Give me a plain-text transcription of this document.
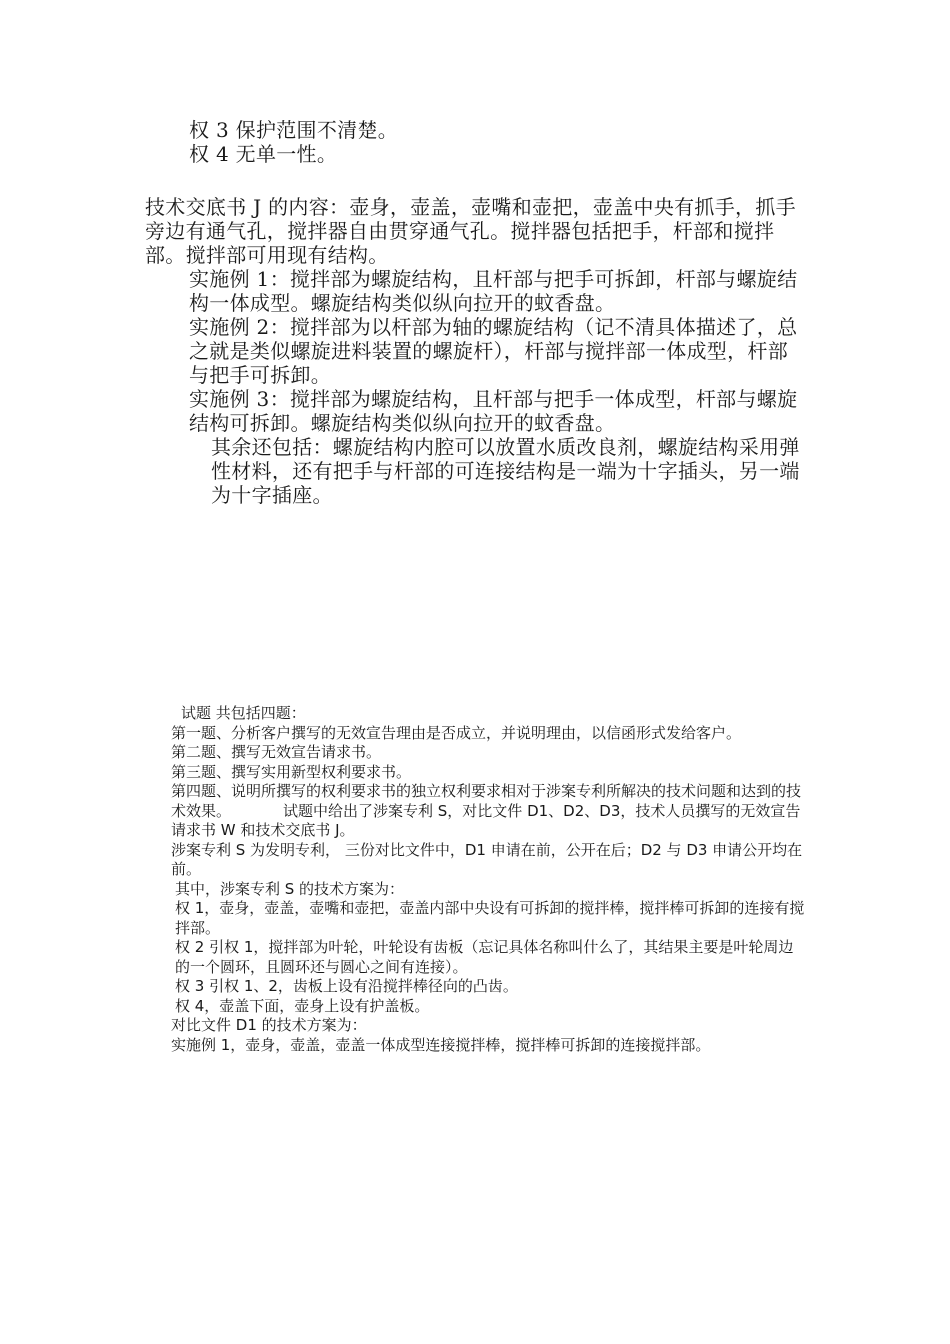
权 3 保护范围不清楚。

权 4 无单一性。

技术交底书 J 的内容：壶身，壶盖，壶嘴和壶把，壶盖中央有抓手，抓手旁边有通气孔，搅拌器自由贯穿通气孔。搅拌器包括把手，杆部和搅拌部。搅拌部可用现有结构。

实施例 1：搅拌部为螺旋结构，且杆部与把手可拆卸，杆部与螺旋结构一体成型。螺旋结构类似纵向拉开的蚊香盘。

实施例 2：搅拌部为以杆部为轴的螺旋结构（记不清具体描述了，总之就是类似螺旋进料装置的螺旋杆），杆部与搅拌部一体成型，杆部与把手可拆卸。

实施例 3：搅拌部为螺旋结构，且杆部与把手一体成型，杆部与螺旋结构可拆卸。螺旋结构类似纵向拉开的蚊香盘。

其余还包括：螺旋结构内腔可以放置水质改良剂，螺旋结构采用弹性材料，还有把手与杆部的可连接结构是一端为十字插头，另一端为十字插座。

试题 共包括四题：

第一题、分析客户撰写的无效宣告理由是否成立，并说明理由，以信函形式发给客户。

第二题、撰写无效宣告请求书。

第三题、撰写实用新型权利要求书。

第四题、说明所撰写的权利要求书的独立权利要求相对于涉案专利所解决的技术问题和达到的技术效果。	试题中给出了涉案专利 S，对比文件 D1、D2、D3，技术人员撰写的无效宣告请求书 W 和技术交底书 J。

涉案专利 S 为发明专利， 三份对比文件中，D1 申请在前，公开在后；D2 与 D3 申请公开均在前。

其中，涉案专利 S 的技术方案为：

权 1，壶身，壶盖，壶嘴和壶把，壶盖内部中央设有可拆卸的搅拌棒，搅拌棒可拆卸的连接有搅拌部。

权 2 引权 1，搅拌部为叶轮，叶轮设有齿板（忘记具体名称叫什么了，其结果主要是叶轮周边的一个圆环，且圆环还与圆心之间有连接）。

权 3 引权 1、2，齿板上设有沿搅拌棒径向的凸齿。

权 4，壶盖下面，壶身上设有护盖板。

对比文件 D1 的技术方案为：

实施例 1，壶身，壶盖，壶盖一体成型连接搅拌棒，搅拌棒可拆卸的连接搅拌部。
